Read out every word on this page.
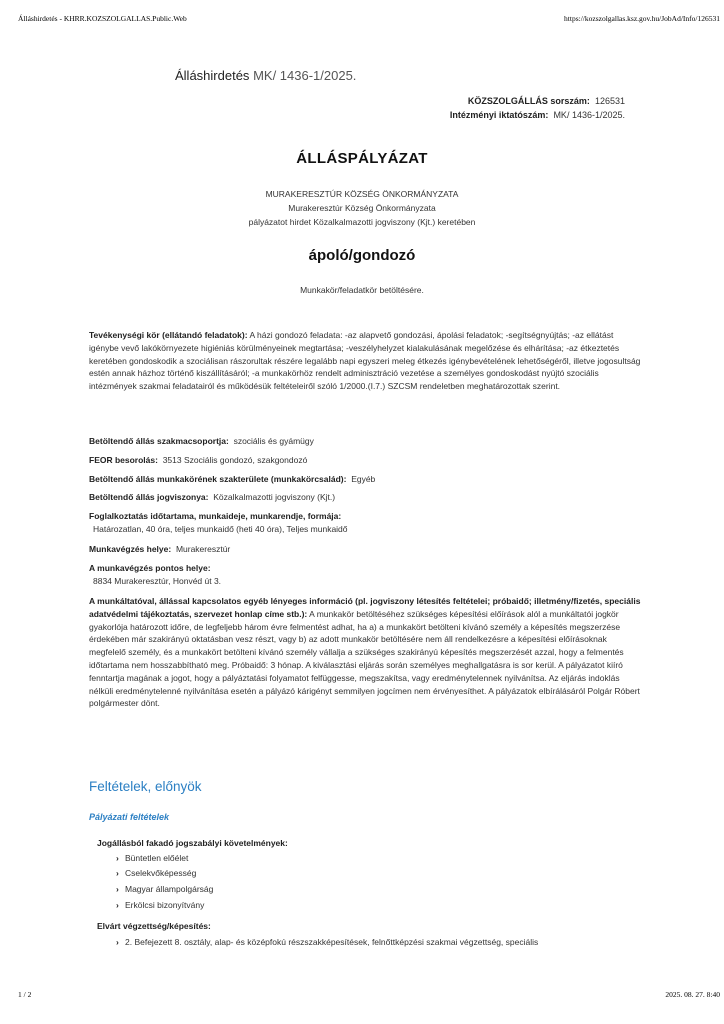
Álláshirdetés - KHRR.KOZSZOLGALLAS.Public.Web	https://kozszolgallas.ksz.gov.hu/JobAd/Info/126531
Álláshirdetés MK/ 1436-1/2025.
KÖZSZOLGÁLLÁS sorszám: 126531
Intézményi iktatószám: MK/ 1436-1/2025.
ÁLLÁSPÁLYÁZAT
MURAKERESZTÚR KÖZSÉG ÖNKORMÁNYZATA
Murakeresztúr Község Önkormányzata
pályázatot hirdet Közalkalmazotti jogviszony (Kjt.) keretében
ápoló/gondozó
Munkakör/feladatkör betöltésére.

Tevékenységi kör (ellátandó feladatok): A házi gondozó feladata: -az alapvető gondozási, ápolási feladatok; -segítségnyújtás; -az ellátást igénybe vevő lakókörnyezete higiéniás körülményeinek megtartása; -veszélyhelyzet kialakulásának megelőzése és elhárítása; -az étkeztetés keretében gondoskodik a szociálisan rászorultak részére legalább napi egyszeri meleg étkezés igénybevételének lehetőségéről, illetve jogosultság estén annak házhoz történő kiszállításáról; -a munkakörhöz rendelt adminisztráció vezetése a személyes gondoskodást nyújtó szociális intézmények szakmai feladatairól és működésük feltételeiről szóló 1/2000.(I.7.) SZCSM rendeletben meghatározottak szerint.

Betöltendő állás szakmacsoportja: szociális és gyámügy
FEOR besorolás: 3513 Szociális gondozó, szakgondozó
Betöltendő állás munkakörének szakterülete (munkakörcsalád): Egyéb
Betöltendő állás jogviszonya: Közalkalmazotti jogviszony (Kjt.)
Foglalkoztatás időtartama, munkaideje, munkarendje, formája:
Határozatlan, 40 óra, teljes munkaidő (heti 40 óra), Teljes munkaidő
Munkavégzés helye: Murakeresztúr
A munkavégzés pontos helye:
8834 Murakeresztúr, Honvéd út 3.

A munkáltatóval, állással kapcsolatos egyéb lényeges információ (pl. jogviszony létesítés feltételei; próbaidő; illetmény/fizetés, speciális adatvédelmi tájékoztatás, szervezet honlap címe stb.): A munkakör betöltéséhez szükséges képesítési előírások alól a munkáltatói jogkör gyakorlója határozott időre, de legfeljebb három évre felmentést adhat, ha a) a munkakört betölteni kívánó személy a képesítés megszerzése érdekében már szakirányú oktatásban vesz részt, vagy b) az adott munkakör betöltésére nem áll rendelkezésre a képesítési előírásoknak megfelelő személy, és a munkakört betölteni kívánó személy vállalja a szükséges szakirányú képesítés megszerzését azzal, hogy a felmentés időtartama nem hosszabbítható meg. Próbaidő: 3 hónap. A kiválasztási eljárás során személyes meghallgatásra is sor kerül. A pályázatot kiíró fenntartja magának a jogot, hogy a pályáztatási folyamatot felfüggesse, megszakítsa, vagy eredménytelennek nyilvánítsa. Az eljárás indoklás nélküli eredménytelenné nyilvánítása esetén a pályázó kárigényt semmilyen jogcímen nem érvényesíthet. A pályázatok elbírálásáról Polgár Róbert polgármester dönt.

Feltételek, előnyök
Pályázati feltételek
Jogállásból fakadó jogszabályi követelmények:
› Büntetlen előélet
› Cselekvőképesség
› Magyar állampolgárság
› Erkölcsi bizonyítvány
Elvárt végzettség/képesítés:
› 2. Befejezett 8. osztály, alap- és középfokú részszakképesítések, felnőttképzési szakmai végzettség, speciális
1 / 2	2025. 08. 27. 8:40
